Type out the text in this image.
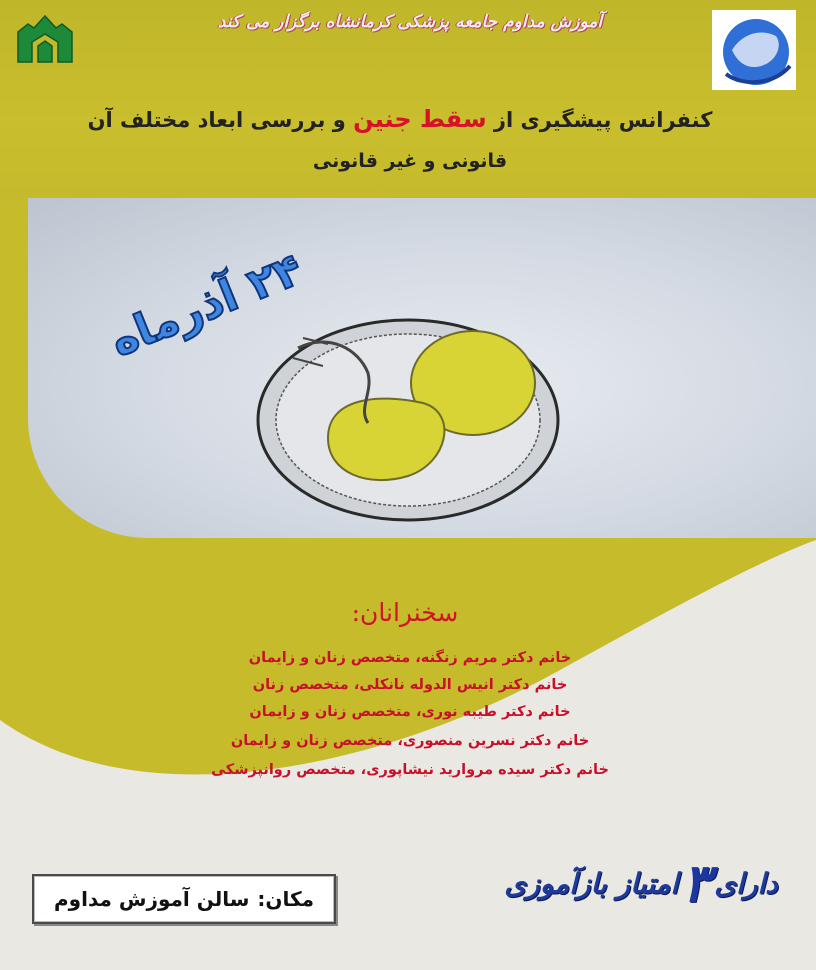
۲۴ آذرماه
آموزش مداوم جامعه پزشکی کرمانشاه برگزار می کند
کنفرانس پیشگیری از سقط جنین و بررسی ابعاد مختلف آن
قانونی و غیر قانونی
سخنرانان:
خانم دکتر مریم زنگنه، متخصص زنان و زایمان
خانم دکتر انیس الدوله نانکلی، متخصص زنان
خانم دکتر طیبه نوری، متخصص زنان و زایمان
خانم دکتر نسرین منصوری، متخصص زنان و زایمان
خانم دکتر سیده مروارید نیشاپوری، متخصص روانپزشکی
مکان:
سالن آموزش مداوم	دارای
۳
امتیاز بازآموزی
